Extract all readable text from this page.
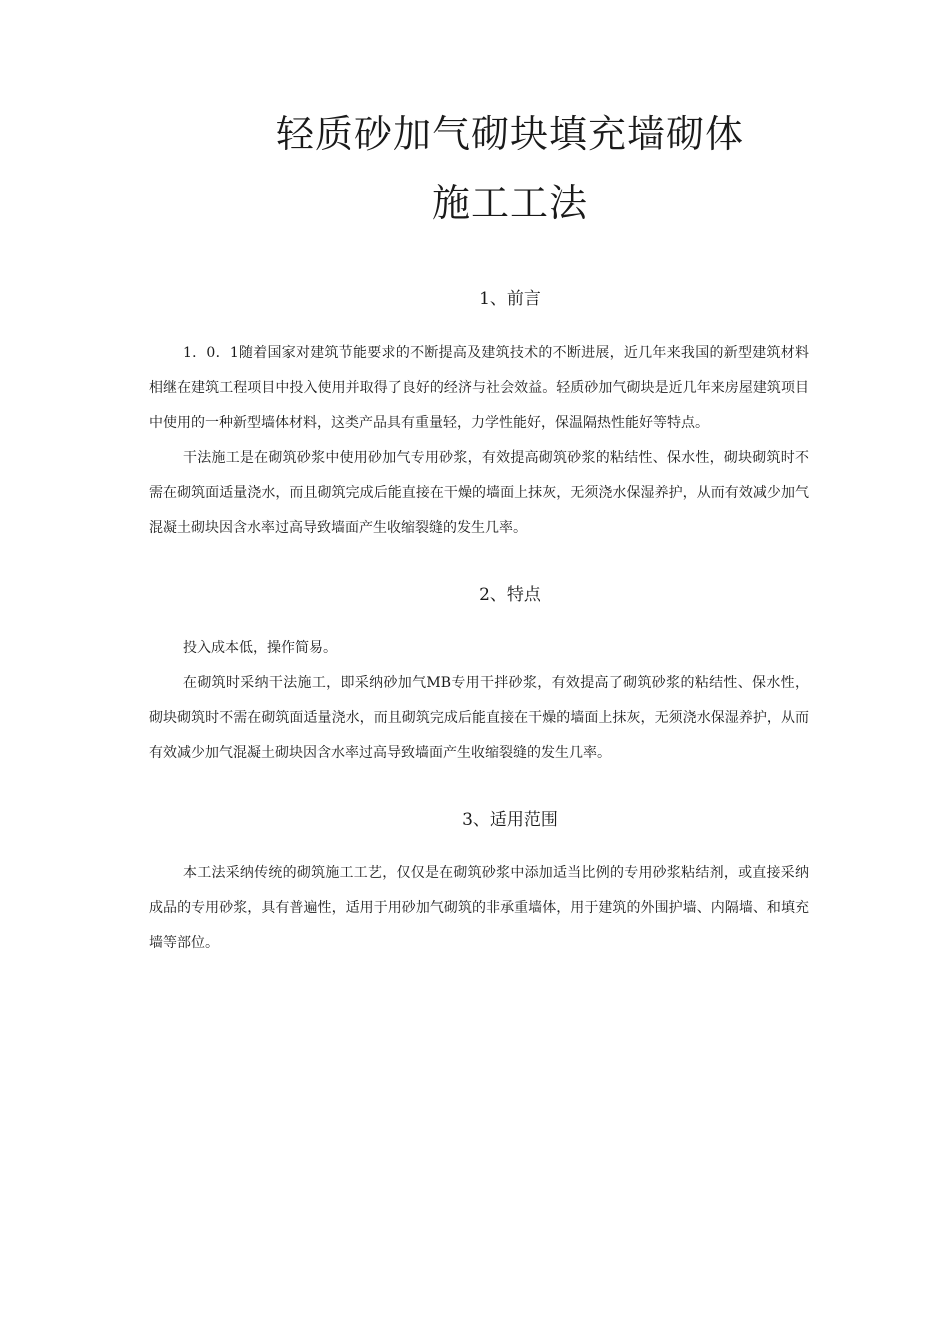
轻质砂加气砌块填充墙砌体
施工工法
1、前言

1．0．1随着国家对建筑节能要求的不断提高及建筑技术的不断进展，近几年来我国的新型建筑材料相继在建筑工程项目中投入使用并取得了良好的经济与社会效益。轻质砂加气砌块是近几年来房屋建筑项目中使用的一种新型墙体材料，这类产品具有重量轻，力学性能好，保温隔热性能好等特点。

干法施工是在砌筑砂浆中使用砂加气专用砂浆，有效提高砌筑砂浆的粘结性、保水性，砌块砌筑时不需在砌筑面适量浇水，而且砌筑完成后能直接在干燥的墙面上抹灰，无须浇水保湿养护，从而有效减少加气混凝土砌块因含水率过高导致墙面产生收缩裂缝的发生几率。

2、特点

投入成本低，操作简易。

在砌筑时采纳干法施工，即采纳砂加气MB专用干拌砂浆，有效提高了砌筑砂浆的粘结性、保水性，砌块砌筑时不需在砌筑面适量浇水，而且砌筑完成后能直接在干燥的墙面上抹灰，无须浇水保湿养护，从而有效减少加气混凝土砌块因含水率过高导致墙面产生收缩裂缝的发生几率。

3、适用范围

本工法采纳传统的砌筑施工工艺，仅仅是在砌筑砂浆中添加适当比例的专用砂浆粘结剂，或直接采纳成品的专用砂浆，具有普遍性，适用于用砂加气砌筑的非承重墙体，用于建筑的外围护墙、内隔墙、和填充墙等部位。
